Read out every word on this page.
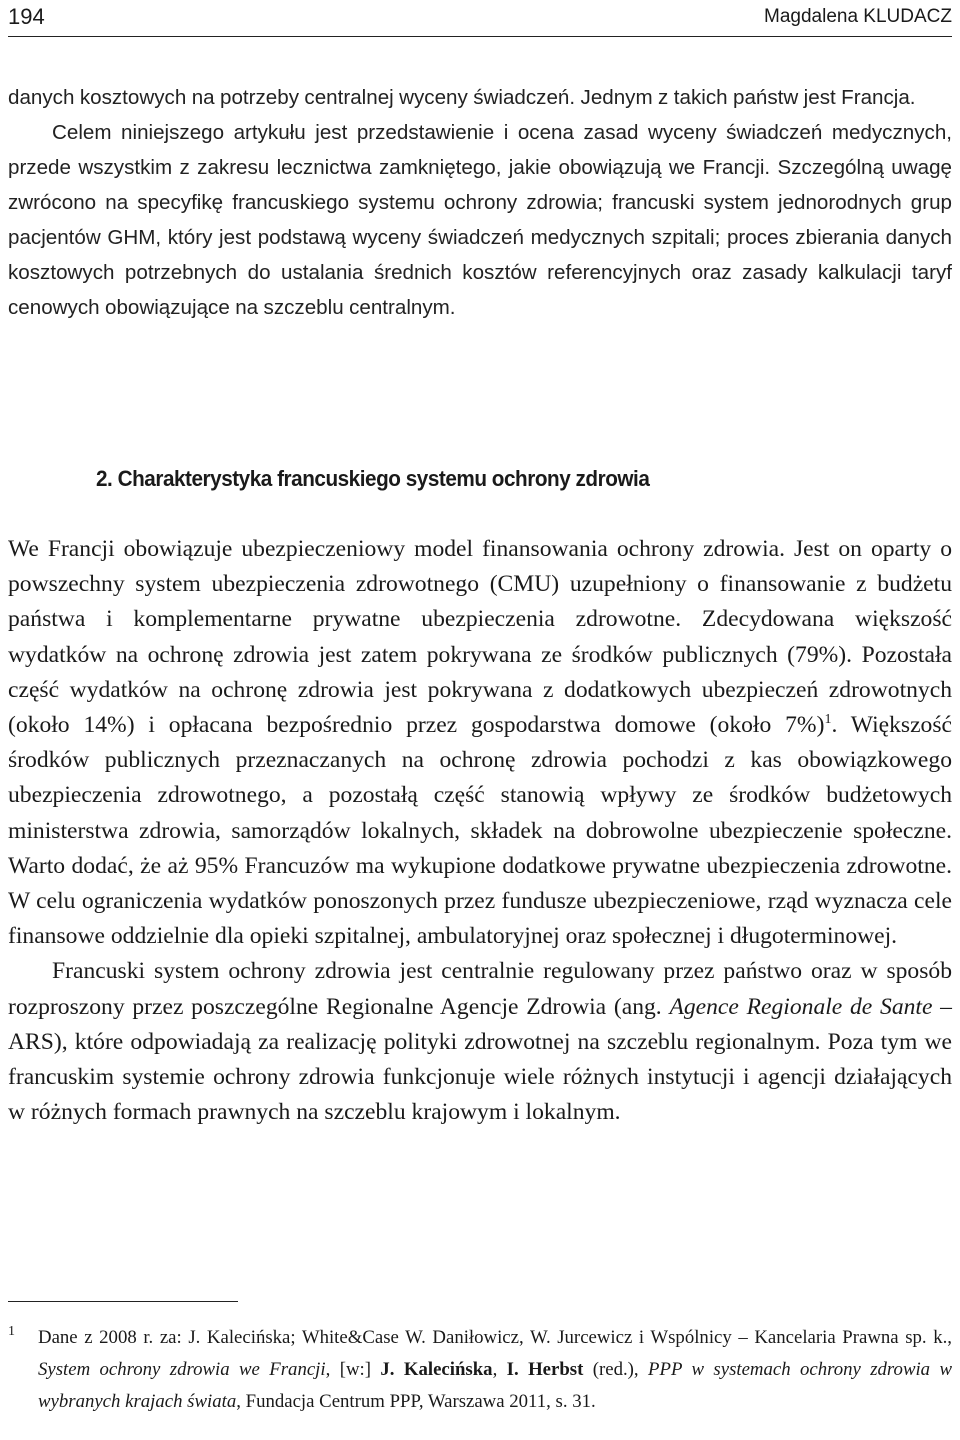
194	Magdalena KLUDACZ

danych kosztowych na potrzeby centralnej wyceny świadczeń. Jednym z takich państw jest Francja.

Celem niniejszego artykułu jest przedstawienie i ocena zasad wyceny świadczeń medycznych, przede wszystkim z zakresu lecznictwa zamkniętego, jakie obowiązują we Francji. Szczególną uwagę zwrócono na specyfikę francuskiego systemu ochrony zdrowia; francuski system jednorodnych grup pacjentów GHM, który jest podstawą wyceny świadczeń medycznych szpitali; proces zbierania danych kosztowych potrzebnych do ustalania średnich kosztów referencyjnych oraz zasady kalkulacji taryf cenowych obowiązujące na szczeblu centralnym.

2. Charakterystyka francuskiego systemu ochrony zdrowia

We Francji obowiązuje ubezpieczeniowy model finansowania ochrony zdrowia. Jest on oparty o powszechny system ubezpieczenia zdrowotnego (CMU) uzupełniony o finansowanie z budżetu państwa i komplementarne prywatne ubezpieczenia zdrowotne. Zdecydowana większość wydatków na ochronę zdrowia jest zatem pokrywana ze środków publicznych (79%). Pozostała część wydatków na ochronę zdrowia jest pokrywana z dodatkowych ubezpieczeń zdrowotnych (około 14%) i opłacana bezpośrednio przez gospodarstwa domowe (około 7%)$^1$. Większość środków publicznych przeznaczanych na ochronę zdrowia pochodzi z kas obowiązkowego ubezpieczenia zdrowotnego, a pozostałą część stanowią wpływy ze środków budżetowych ministerstwa zdrowia, samorządów lokalnych, składek na dobrowolne ubezpieczenie społeczne. Warto dodać, że aż 95% Francuzów ma wykupione dodatkowe prywatne ubezpieczenia zdrowotne. W celu ograniczenia wydatków ponoszonych przez fundusze ubezpieczeniowe, rząd wyznacza cele finansowe oddzielnie dla opieki szpitalnej, ambulatoryjnej oraz społecznej i długoterminowej.

Francuski system ochrony zdrowia jest centralnie regulowany przez państwo oraz w sposób rozproszony przez poszczególne Regionalne Agencje Zdrowia (ang. Agence Regionale de Sante – ARS), które odpowiadają za realizację polityki zdrowotnej na szczeblu regionalnym. Poza tym we francuskim systemie ochrony zdrowia funkcjonuje wiele różnych instytucji i agencji działających w różnych formach prawnych na szczeblu krajowym i lokalnym.

1 Dane z 2008 r. za: J. Kalecińska; White&Case W. Daniłowicz, W. Jurcewicz i Wspólnicy – Kancelaria Prawna sp. k., System ochrony zdrowia we Francji, [w:] J. Kalecińska, I. Herbst (red.), PPP w systemach ochrony zdrowia w wybranych krajach świata, Fundacja Centrum PPP, Warszawa 2011, s. 31.
